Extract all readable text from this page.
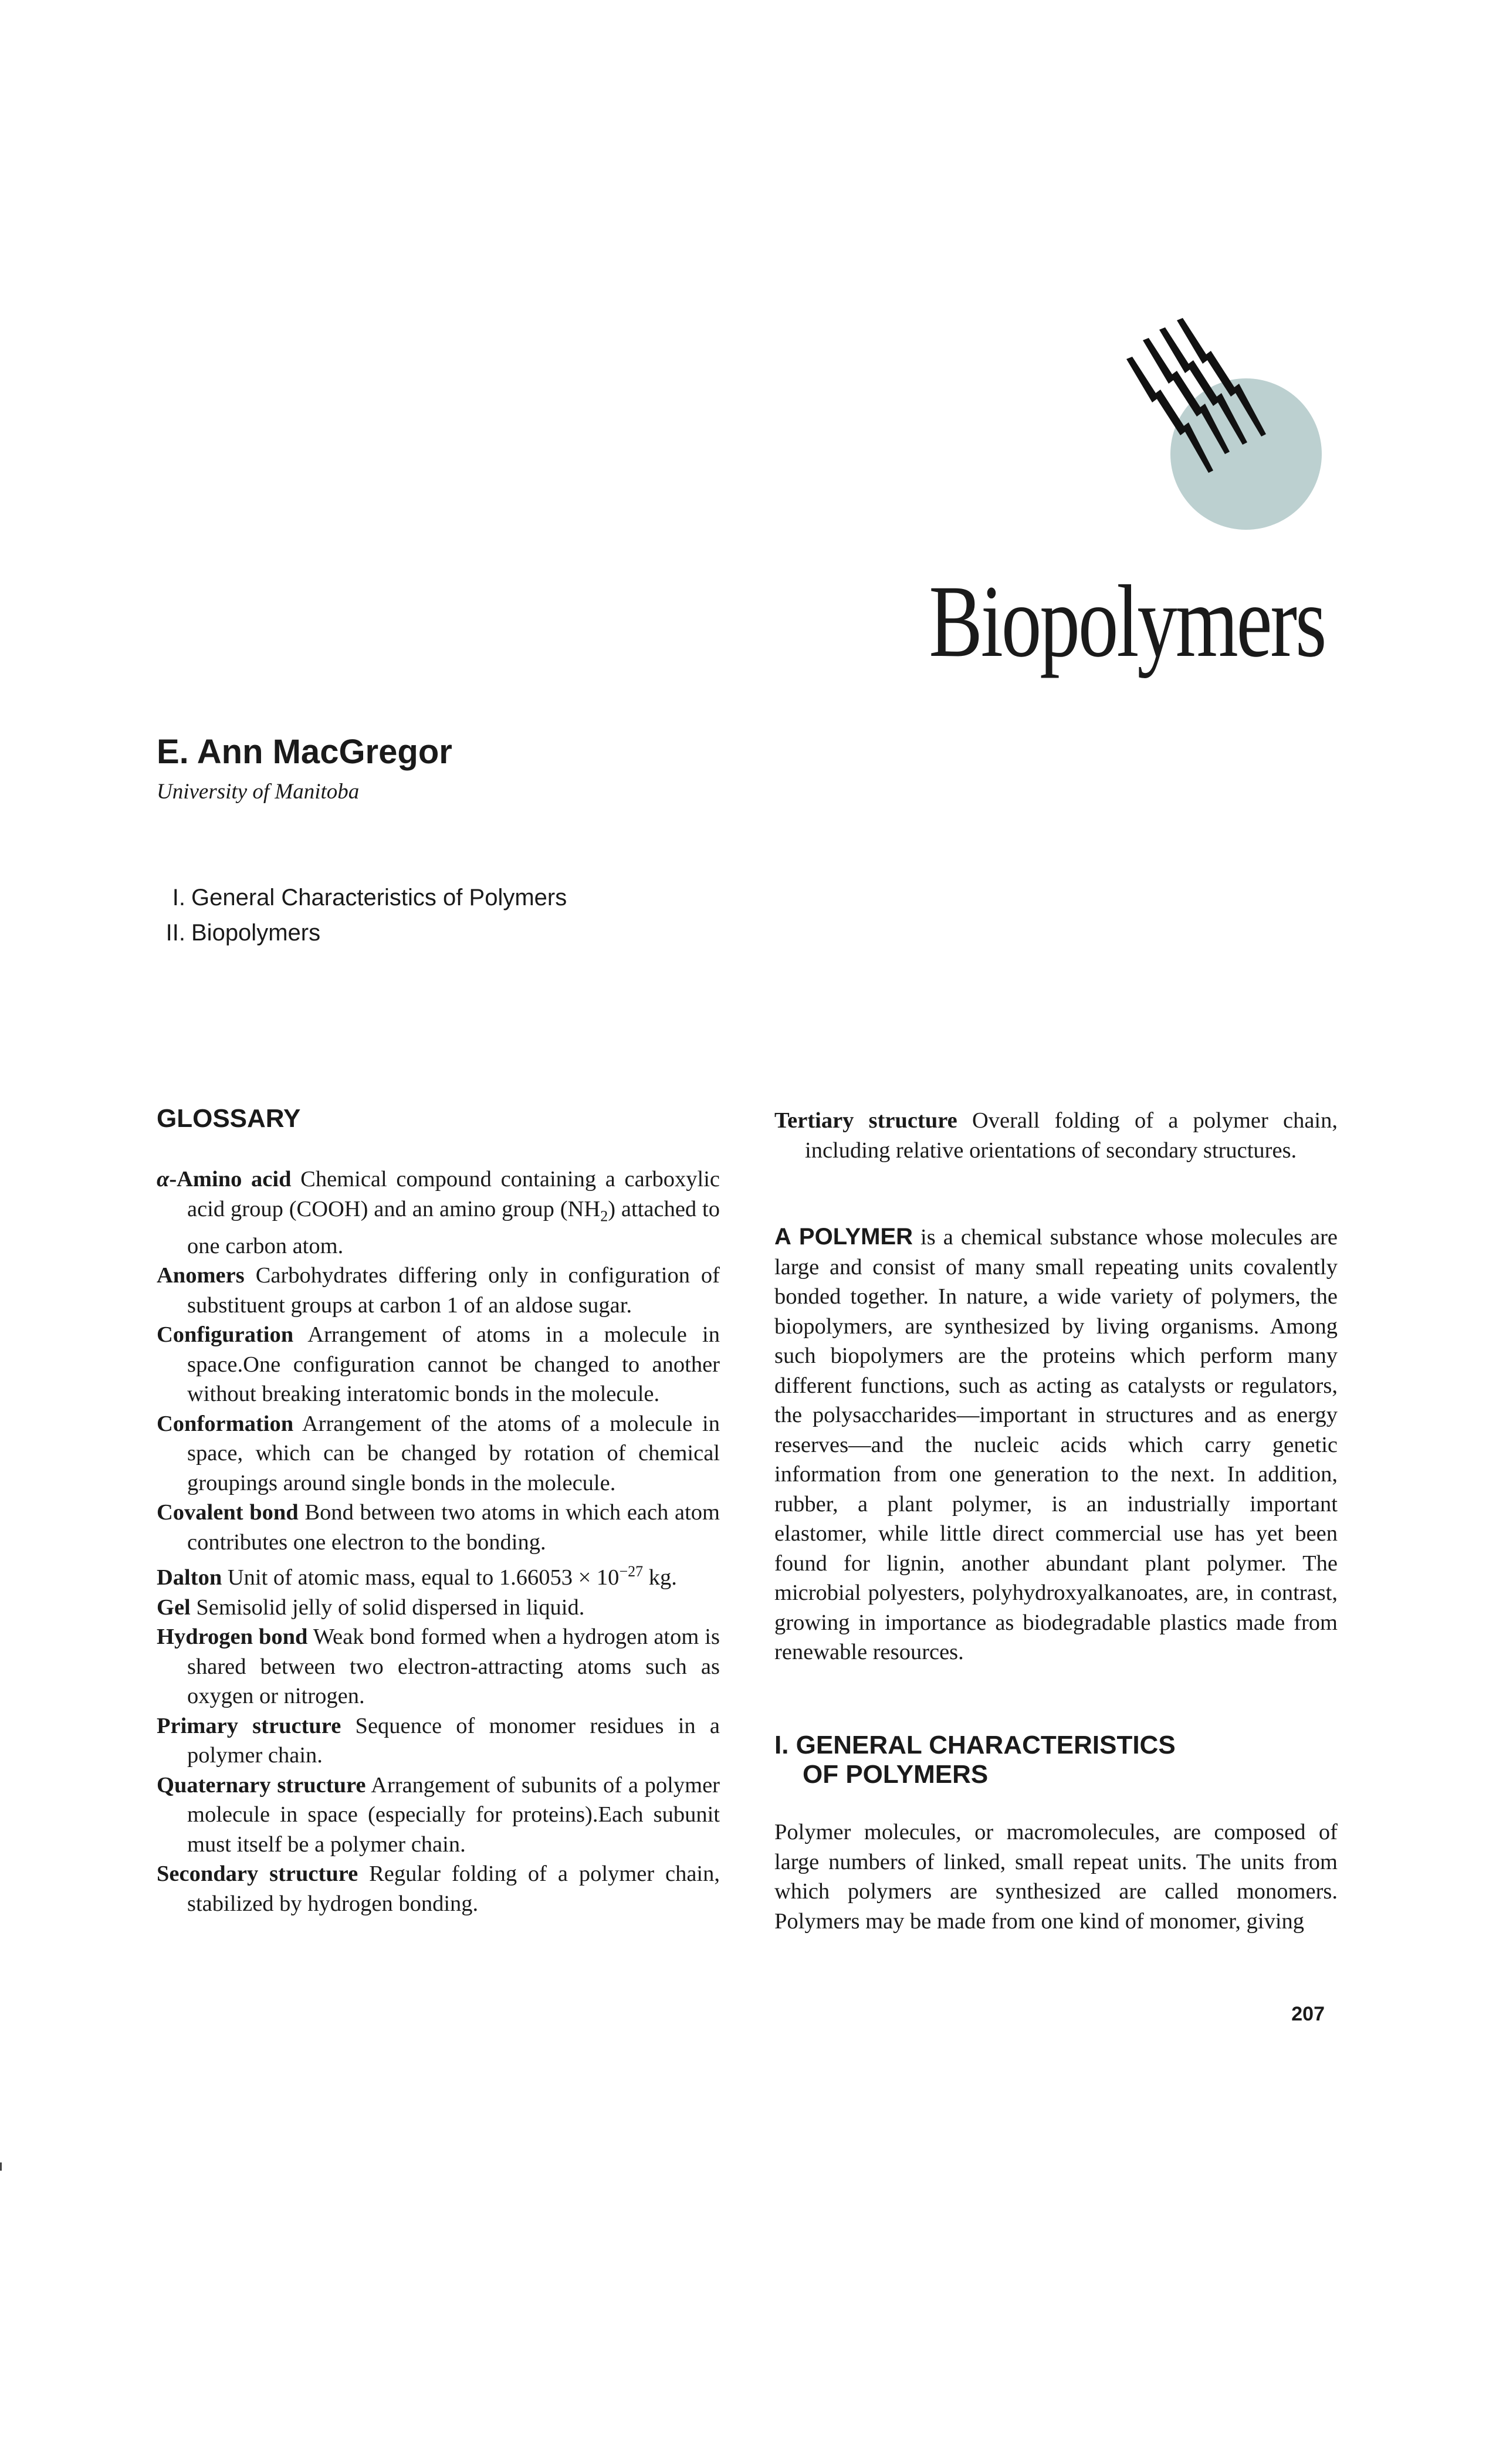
Biopolymers
E. Ann MacGregor

University of Manitoba

I. General Characteristics of Polymers
II. Biopolymers
GLOSSARY

α-Amino acid Chemical compound containing a carboxylic acid group (COOH) and an amino group $(NH_2)$ attached to one carbon atom.

Anomers Carbohydrates differing only in configuration of substituent groups at carbon 1 of an aldose sugar.

Configuration Arrangement of atoms in a molecule in space.One configuration cannot be changed to another without breaking interatomic bonds in the molecule.

Conformation Arrangement of the atoms of a molecule in space, which can be changed by rotation of chemical groupings around single bonds in the molecule.

Covalent bond Bond between two atoms in which each atom contributes one electron to the bonding.

Dalton Unit of atomic mass, equal to $1.66053 \times 10^{-27}$ kg.

Gel Semisolid jelly of solid dispersed in liquid.

Hydrogen bond Weak bond formed when a hydrogen atom is shared between two electron-attracting atoms such as oxygen or nitrogen.

Primary structure Sequence of monomer residues in a polymer chain.

Quaternary structure Arrangement of subunits of a polymer molecule in space (especially for proteins).Each subunit must itself be a polymer chain.

Secondary structure Regular folding of a polymer chain, stabilized by hydrogen bonding.

Tertiary structure Overall folding of a polymer chain, including relative orientations of secondary structures.

A POLYMER is a chemical substance whose molecules are large and consist of many small repeating units covalently bonded together. In nature, a wide variety of polymers, the biopolymers, are synthesized by living organisms. Among such biopolymers are the proteins which perform many different functions, such as acting as catalysts or regulators, the polysaccharides—important in structures and as energy reserves—and the nucleic acids which carry genetic information from one generation to the next. In addition, rubber, a plant polymer, is an industrially important elastomer, while little direct commercial use has yet been found for lignin, another abundant plant polymer. The microbial polyesters, polyhydroxyalkanoates, are, in contrast, growing in importance as biodegradable plastics made from renewable resources.

I. GENERAL CHARACTERISTICS
OF POLYMERS

Polymer molecules, or macromolecules, are composed of large numbers of linked, small repeat units. The units from which polymers are synthesized are called monomers. Polymers may be made from one kind of monomer, giving

207
